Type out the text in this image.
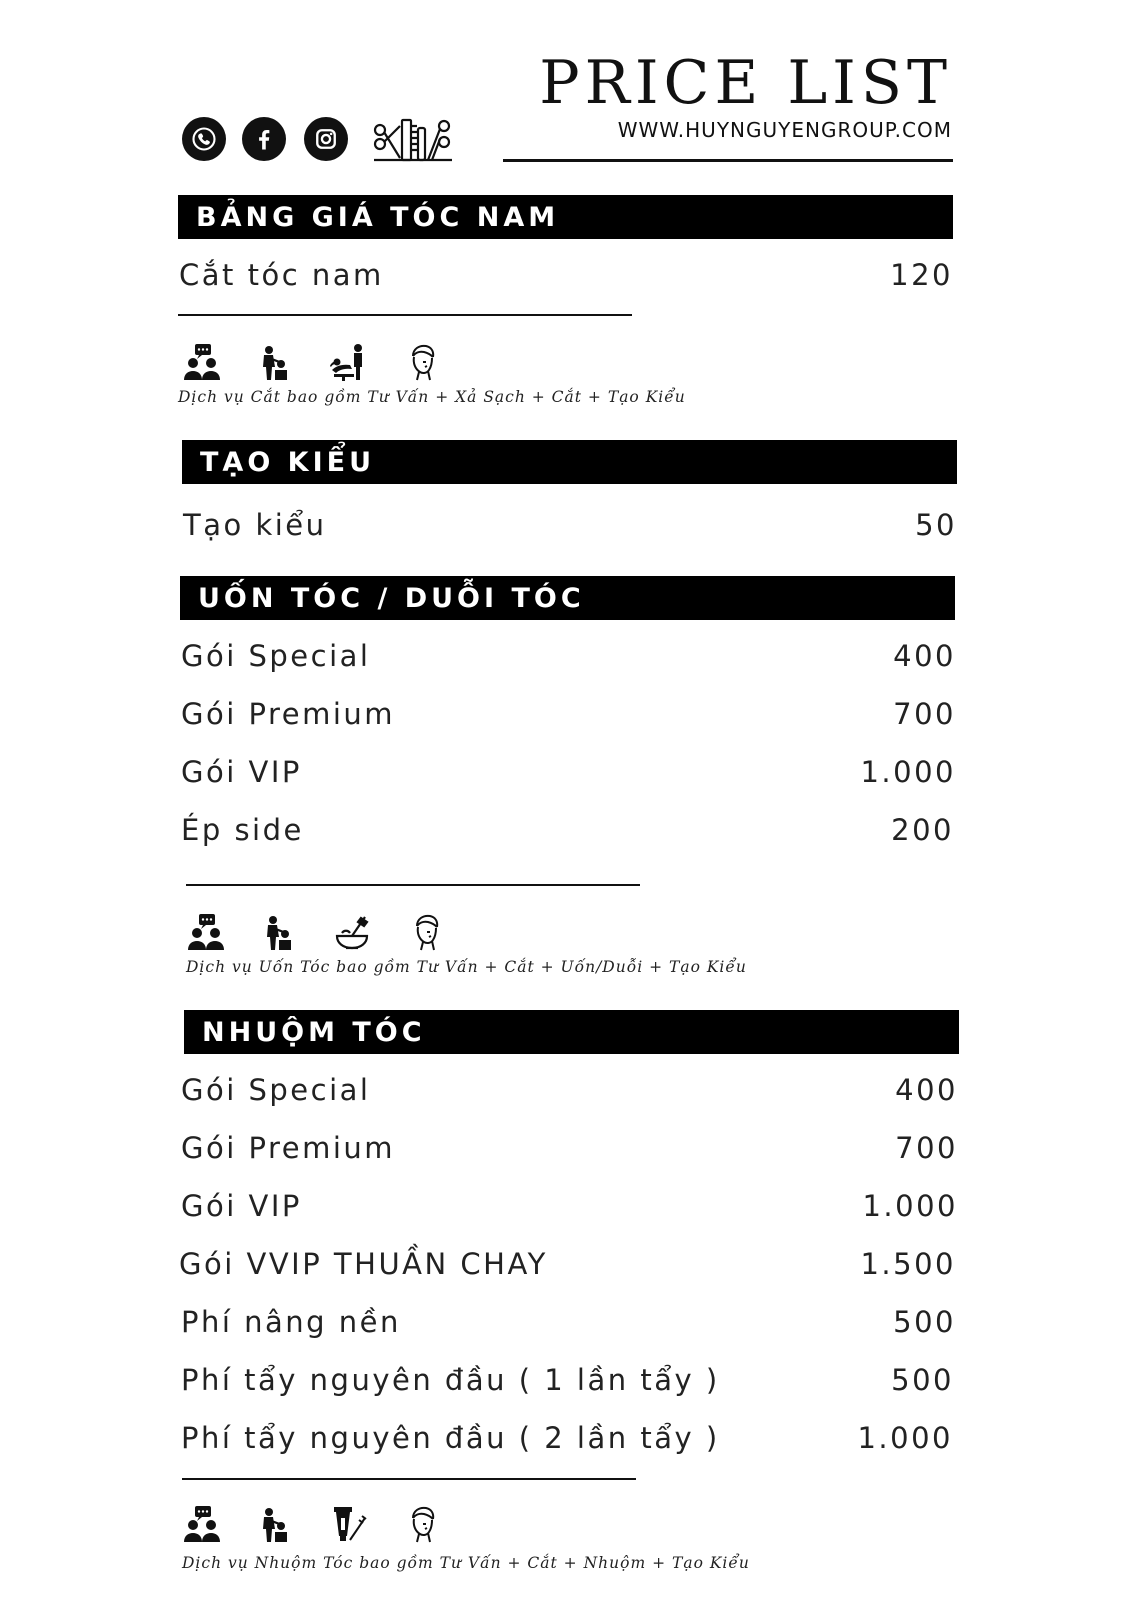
PRICE LIST
WWW.HUYNGUYENGROUP.COM
BẢNG GIÁ TÓC NAM
Cắt tóc nam	120
Dịch vụ Cắt bao gồm Tư Vấn + Xả Sạch + Cắt + Tạo Kiểu
TẠO KIỂU
Tạo kiểu	50
UỐN TÓC / DUỖI TÓC
Gói Special	400
Gói Premium	700
Gói VIP	1.000
Ép side	200
Dịch vụ Uốn Tóc bao gồm Tư Vấn + Cắt + Uốn/Duỗi + Tạo Kiểu
NHUỘM TÓC
Gói Special	400
Gói Premium	700
Gói VIP	1.000
Gói VVIP THUẦN CHAY	1.500
Phí nâng nền	500
Phí tẩy nguyên đầu ( 1 lần tẩy )	500
Phí tẩy nguyên đầu ( 2 lần tẩy )	1.000
Dịch vụ Nhuộm Tóc bao gồm Tư Vấn + Cắt + Nhuộm + Tạo Kiểu
